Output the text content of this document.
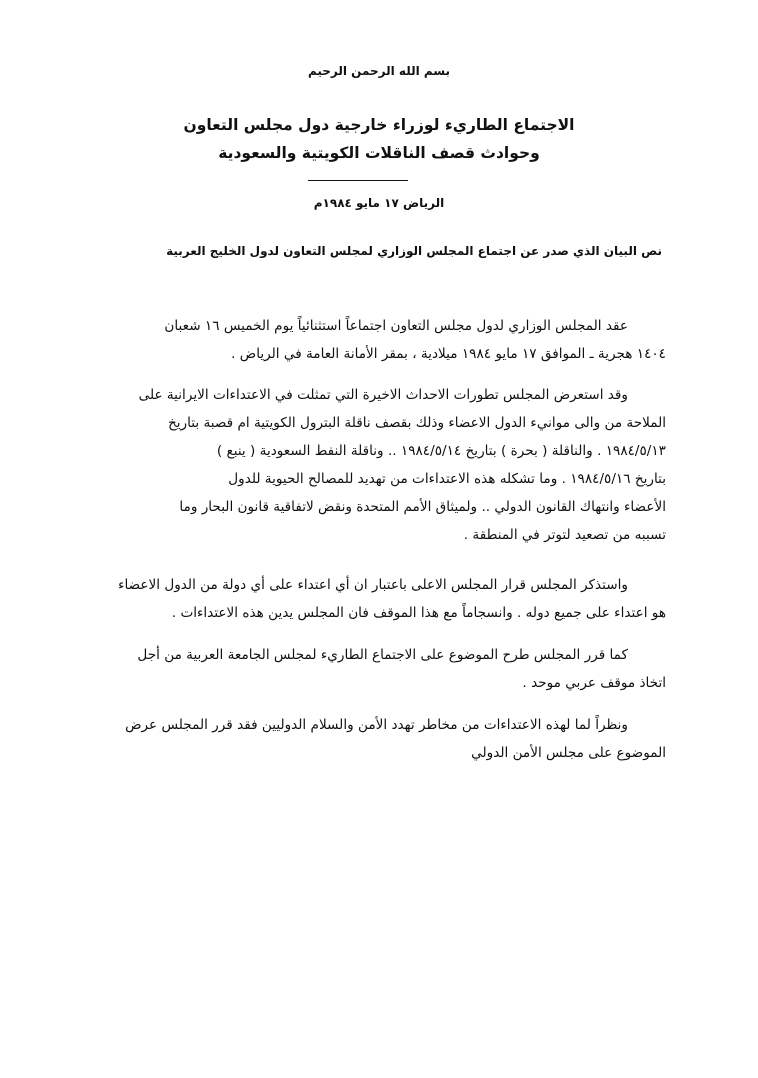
بسم الله الرحمن الرحيم
الاجتماع الطاريء لوزراء خارجية دول مجلس التعاون
وحوادث قصف الناقلات الكويتية والسعودية
الرياض ١٧ مايو ١٩٨٤م
نص البيان الذي صدر عن اجتماع المجلس الوزاري لمجلس التعاون لدول الخليج العربية

عقد المجلس الوزاري لدول مجلس التعاون اجتماعاً استثنائياً يوم الخميس ١٦ شعبان
١٤٠٤ هجرية ـ الموافق ١٧ مايو ١٩٨٤ ميلادية ، بمقر الأمانة العامة في الرياض .

وقد استعرض المجلس تطورات الاحداث الاخيرة التي تمثلت في الاعتداءات الايرانية على
الملاحة من والى موانيء الدول الاعضاء وذلك بقصف ناقلة البترول الكويتية ام قصبة بتاريخ
١٩٨٤/٥/١٣ . والناقلة ( بحرة ) بتاريخ ١٩٨٤/٥/١٤ .. وناقلة النفط السعودية ( ينبع )
بتاريخ ١٩٨٤/٥/١٦ . وما تشكله هذه الاعتداءات من تهديد للمصالح الحيوية للدول
الأعضاء وانتهاك القانون الدولي .. ولميثاق الأمم المتحدة ونقض لاتفاقية قانون البحار وما
تسببه من تصعيد لتوتر في المنطقة .

واستذكر المجلس قرار المجلس الاعلى باعتبار ان أي اعتداء على أي دولة من الدول الاعضاء
هو اعتداء على جميع دوله . وانسجاماً مع هذا الموقف فان المجلس يدين هذه الاعتداءات .

كما قرر المجلس طرح الموضوع على الاجتماع الطاريء لمجلس الجامعة العربية من أجل
اتخاذ موقف عربي موحد .

ونظراً لما لهذه الاعتداءات من مخاطر تهدد الأمن والسلام الدوليين فقد قرر المجلس عرض
الموضوع على مجلس الأمن الدولي
